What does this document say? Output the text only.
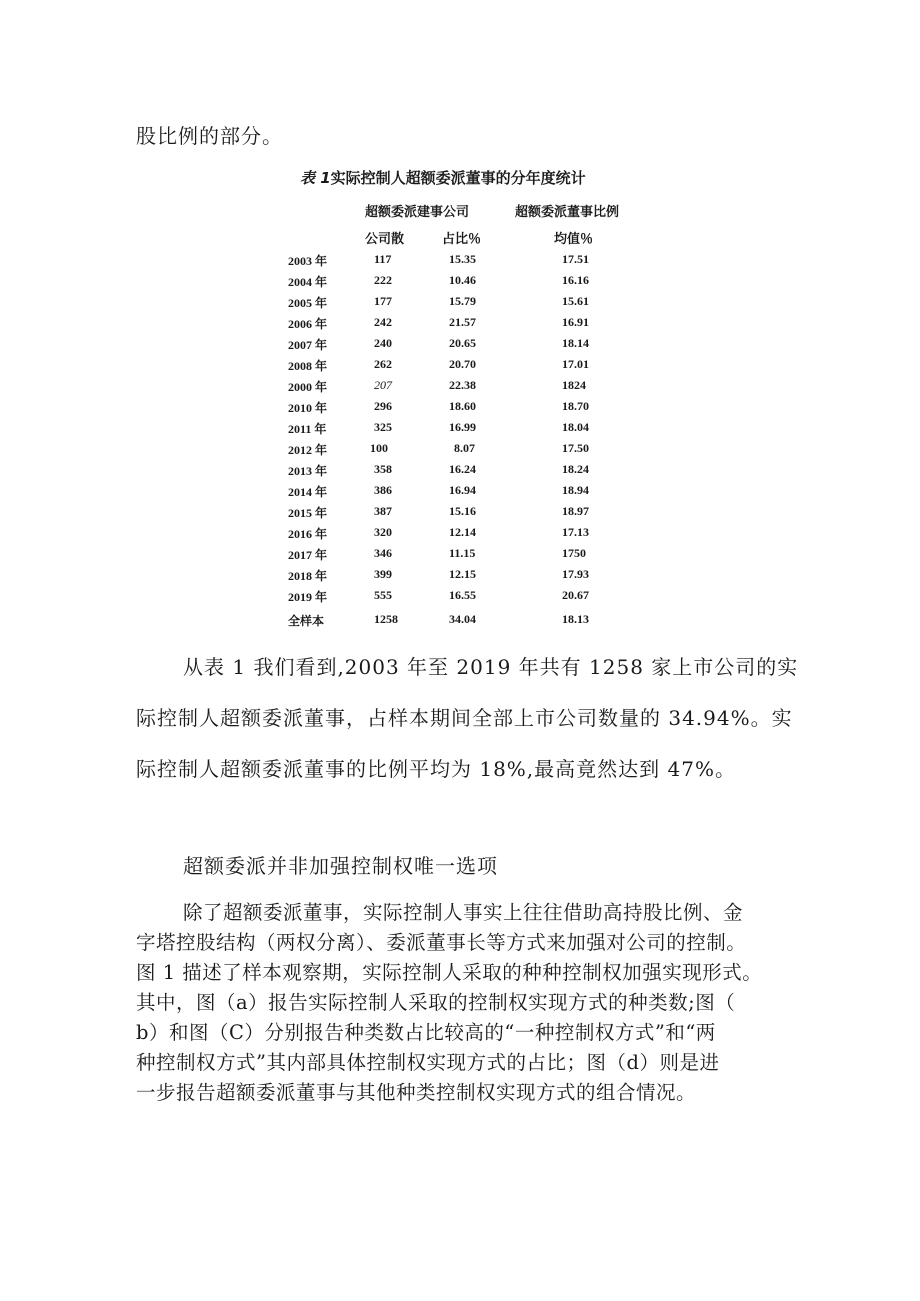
股比例的部分。
表 1实际控制人超额委派董事的分年度统计
超额委派建事公司	超额委派董事比例
公司散	占比％	均值％
2003 年	117	15.35	17.51
2004 年	222	10.46	16.16
2005 年	177	15.79	15.61
2006 年	242	21.57	16.91
2007 年	240	20.65	18.14
2008 年	262	20.70	17.01
2000 年	207	22.38	1824
2010 年	296	18.60	18.70
2011 年	325	16.99	18.04
2012 年	100	8.07	17.50
2013 年	358	16.24	18.24
2014 年	386	16.94	18.94
2015 年	387	15.16	18.97
2016 年	320	12.14	17.13
2017 年	346	11.15	1750
2018 年	399	12.15	17.93
2019 年	555	16.55	20.67
全样本	1258	34.04	18.13
从表 1 我们看到,2003 年至 2019 年共有 1258 家上市公司的实
际控制人超额委派董事，占样本期间全部上市公司数量的 34.94%。实
际控制人超额委派董事的比例平均为 18%,最高竟然达到 47%。
超额委派并非加强控制权唯一选项
除了超额委派董事，实际控制人事实上往往借助高持股比例、金
字塔控股结构（两权分离）、委派董事长等方式来加强对公司的控制。
图 1 描述了样本观察期，实际控制人采取的种种控制权加强实现形式。
其中，图（a）报告实际控制人采取的控制权实现方式的种类数;图（
b）和图（C）分别报告种类数占比较高的“一种控制权方式”和“两
种控制权方式”其内部具体控制权实现方式的占比；图（d）则是进
一步报告超额委派董事与其他种类控制权实现方式的组合情况。
